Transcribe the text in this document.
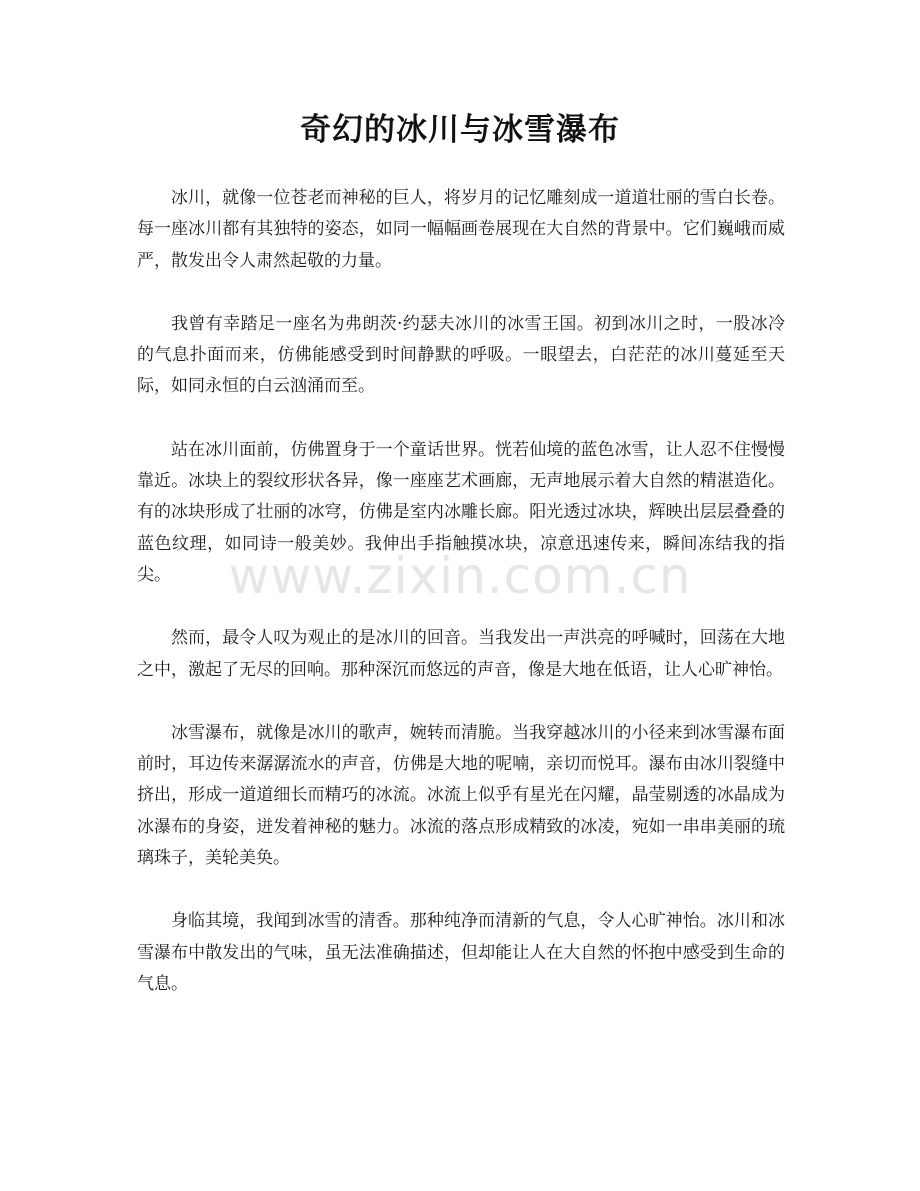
奇幻的冰川与冰雪瀑布

冰川，就像一位苍老而神秘的巨人，将岁月的记忆雕刻成一道道壮丽的雪白长卷。每一座冰川都有其独特的姿态，如同一幅幅画卷展现在大自然的背景中。它们巍峨而威严，散发出令人肃然起敬的力量。

我曾有幸踏足一座名为弗朗茨·约瑟夫冰川的冰雪王国。初到冰川之时，一股冰冷的气息扑面而来，仿佛能感受到时间静默的呼吸。一眼望去，白茫茫的冰川蔓延至天际，如同永恒的白云汹涌而至。

站在冰川面前，仿佛置身于一个童话世界。恍若仙境的蓝色冰雪，让人忍不住慢慢靠近。冰块上的裂纹形状各异，像一座座艺术画廊，无声地展示着大自然的精湛造化。有的冰块形成了壮丽的冰穹，仿佛是室内冰雕长廊。阳光透过冰块，辉映出层层叠叠的蓝色纹理，如同诗一般美妙。我伸出手指触摸冰块，凉意迅速传来，瞬间冻结我的指尖。

然而，最令人叹为观止的是冰川的回音。当我发出一声洪亮的呼喊时，回荡在大地之中，激起了无尽的回响。那种深沉而悠远的声音，像是大地在低语，让人心旷神怡。

冰雪瀑布，就像是冰川的歌声，婉转而清脆。当我穿越冰川的小径来到冰雪瀑布面前时，耳边传来潺潺流水的声音，仿佛是大地的呢喃，亲切而悦耳。瀑布由冰川裂缝中挤出，形成一道道细长而精巧的冰流。冰流上似乎有星光在闪耀，晶莹剔透的冰晶成为冰瀑布的身姿，迸发着神秘的魅力。冰流的落点形成精致的冰凌，宛如一串串美丽的琉璃珠子，美轮美奂。

身临其境，我闻到冰雪的清香。那种纯净而清新的气息，令人心旷神怡。冰川和冰雪瀑布中散发出的气味，虽无法准确描述，但却能让人在大自然的怀抱中感受到生命的气息。

www.zixin.com.cn
